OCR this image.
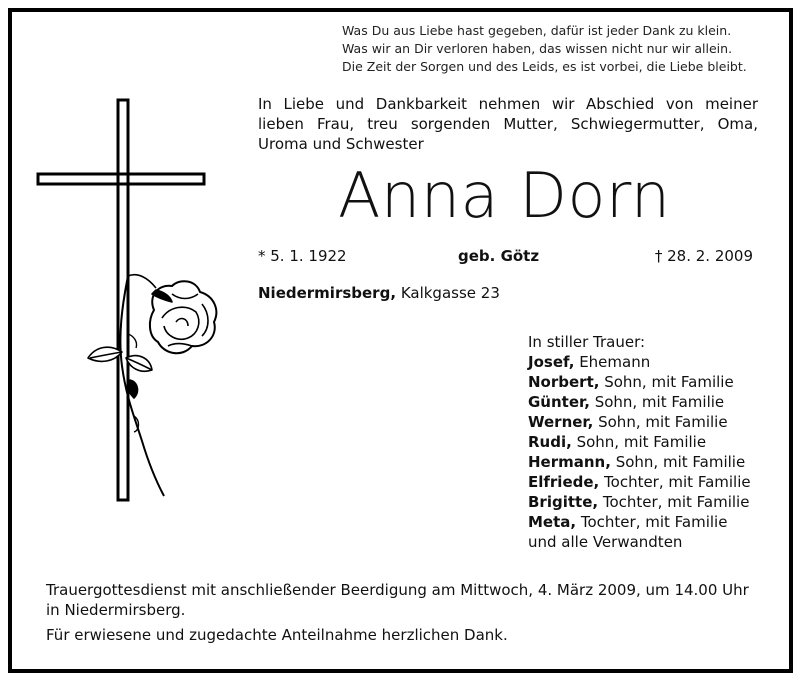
Was Du aus Liebe hast gegeben, dafür ist jeder Dank zu klein.
Was wir an Dir verloren haben, das wissen nicht nur wir allein.
Die Zeit der Sorgen und des Leids, es ist vorbei, die Liebe bleibt.
In Liebe und Dankbarkeit nehmen wir Abschied von meiner
lieben Frau, treu sorgenden Mutter, Schwiegermutter, Oma,
Uroma und Schwester
Anna Dorn
* 5. 1. 1922	geb. Götz	† 28. 2. 2009
Niedermirsberg, Kalkgasse 23
In stiller Trauer:
Josef, Ehemann
Norbert, Sohn, mit Familie
Günter, Sohn, mit Familie
Werner, Sohn, mit Familie
Rudi, Sohn, mit Familie
Hermann, Sohn, mit Familie
Elfriede, Tochter, mit Familie
Brigitte, Tochter, mit Familie
Meta, Tochter, mit Familie
und alle Verwandten
Trauergottesdienst mit anschließender Beerdigung am Mittwoch, 4. März 2009, um 14.00 Uhr in Niedermirsberg.
Für erwiesene und zugedachte Anteilnahme herzlichen Dank.
